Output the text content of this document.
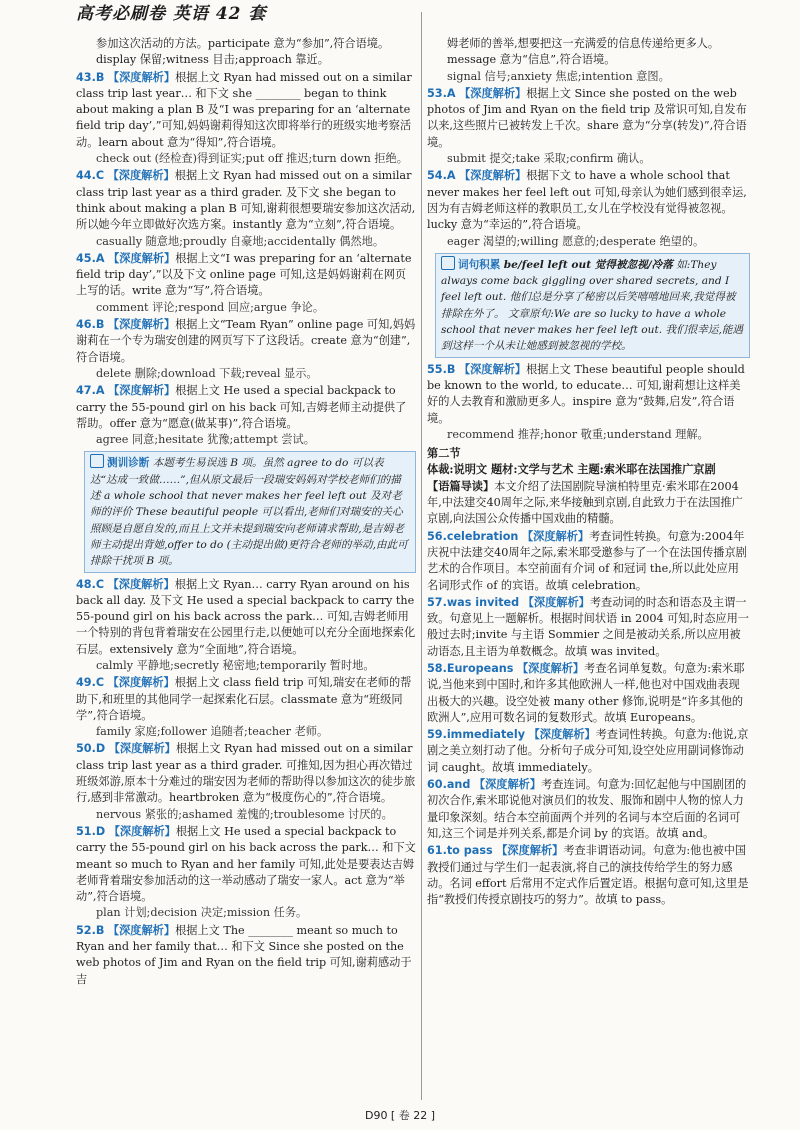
高考必刷卷 英语 42 套

参加这次活动的方法。participate 意为“参加”,符合语境。

display 保留;witness 目击;approach 靠近。

43.B 【深度解析】根据上文 Ryan had missed out on a similar class trip last year… 和下文 she ________ began to think about making a plan B 及“I was preparing for an ‘alternate field trip day’,”可知,妈妈谢莉得知这次即将举行的班级实地考察活动。learn about 意为“得知”,符合语境。

check out (经检查)得到证实;put off 推迟;turn down 拒绝。

44.C 【深度解析】根据上文 Ryan had missed out on a similar class trip last year as a third grader. 及下文 she began to think about making a plan B 可知,谢莉很想要瑞安参加这次活动,所以她今年立即做好次选方案。instantly 意为“立刻”,符合语境。

casually 随意地;proudly 自豪地;accidentally 偶然地。

45.A 【深度解析】根据上文“I was preparing for an ‘alternate field trip day’,”以及下文 online page 可知,这是妈妈谢莉在网页上写的话。write 意为“写”,符合语境。

comment 评论;respond 回应;argue 争论。

46.B 【深度解析】根据上文“Team Ryan” online page 可知,妈妈谢莉在一个专为瑞安创建的网页写下了这段话。create 意为“创建”,符合语境。

delete 删除;download 下载;reveal 显示。

47.A 【深度解析】根据上文 He used a special backpack to carry the 55-pound girl on his back 可知,吉姆老师主动提供了帮助。offer 意为“愿意(做某事)”,符合语境。

agree 同意;hesitate 犹豫;attempt 尝试。

测训诊断 本题考生易误选 B 项。虽然 agree to do 可以表达“达成一致做……”,但从原文最后一段瑞安妈妈对学校老师们的描述 a whole school that never makes her feel left out 及对老师的评价 These beautiful people 可以看出,老师们对瑞安的关心照顾是自愿自发的,而且上文并未提到瑞安向老师请求帮助,是吉姆老师主动提出背她,offer to do (主动提出做)更符合老师的举动,由此可排除干扰项 B 项。

48.C 【深度解析】根据上文 Ryan… carry Ryan around on his back all day. 及下文 He used a special backpack to carry the 55-pound girl on his back across the park… 可知,吉姆老师用一个特别的背包背着瑞安在公园里行走,以便她可以充分全面地探索化石层。extensively 意为“全面地”,符合语境。

calmly 平静地;secretly 秘密地;temporarily 暂时地。

49.C 【深度解析】根据上文 class field trip 可知,瑞安在老师的帮助下,和班里的其他同学一起探索化石层。classmate 意为“班级同学”,符合语境。

family 家庭;follower 追随者;teacher 老师。

50.D 【深度解析】根据上文 Ryan had missed out on a similar class trip last year as a third grader. 可推知,因为担心再次错过班级郊游,原本十分难过的瑞安因为老师的帮助得以参加这次的徒步旅行,感到非常激动。heartbroken 意为“极度伤心的”,符合语境。

nervous 紧张的;ashamed 羞愧的;troublesome 讨厌的。

51.D 【深度解析】根据上文 He used a special backpack to carry the 55-pound girl on his back across the park… 和下文 meant so much to Ryan and her family 可知,此处是要表达吉姆老师背着瑞安参加活动的这一举动感动了瑞安一家人。act 意为“举动”,符合语境。

plan 计划;decision 决定;mission 任务。

52.B 【深度解析】根据上文 The ________ meant so much to Ryan and her family that… 和下文 Since she posted on the web photos of Jim and Ryan on the field trip 可知,谢莉感动于吉

姆老师的善举,想要把这一充满爱的信息传递给更多人。message 意为“信息”,符合语境。

signal 信号;anxiety 焦虑;intention 意图。

53.A 【深度解析】根据上文 Since she posted on the web photos of Jim and Ryan on the field trip 及常识可知,自发布以来,这些照片已被转发上千次。share 意为“分享(转发)”,符合语境。

submit 提交;take 采取;confirm 确认。

54.A 【深度解析】根据下文 to have a whole school that never makes her feel left out 可知,母亲认为她们感到很幸运,因为有吉姆老师这样的教职员工,女儿在学校没有觉得被忽视。lucky 意为“幸运的”,符合语境。

eager 渴望的;willing 愿意的;desperate 绝望的。

词句积累 be/feel left out 觉得被忽视/冷落 如:They always come back giggling over shared secrets, and I feel left out. 他们总是分享了秘密以后笑嘻嘻地回来,我觉得被排除在外了。 文章原句:We are so lucky to have a whole school that never makes her feel left out. 我们很幸运,能遇到这样一个从未让她感到被忽视的学校。

55.B 【深度解析】根据上文 These beautiful people should be known to the world, to educate… 可知,谢莉想让这样美好的人去教育和激励更多人。inspire 意为“鼓舞,启发”,符合语境。

recommend 推荐;honor 敬重;understand 理解。

第二节

体裁:说明文 题材:文学与艺术 主题:索米耶在法国推广京剧

【语篇导读】本文介绍了法国剧院导演柏特里克·索米耶在2004年,中法建交40周年之际,来华接触到京剧,自此致力于在法国推广京剧,向法国公众传播中国戏曲的精髓。

56.celebration 【深度解析】考查词性转换。句意为:2004年庆祝中法建交40周年之际,索米耶受邀参与了一个在法国传播京剧艺术的合作项目。本空前面有介词 of 和冠词 the,所以此处应用名词形式作 of 的宾语。故填 celebration。

57.was invited 【深度解析】考查动词的时态和语态及主谓一致。句意见上一题解析。根据时间状语 in 2004 可知,时态应用一般过去时;invite 与主语 Sommier 之间是被动关系,所以应用被动语态,且主语为单数概念。故填 was invited。

58.Europeans 【深度解析】考查名词单复数。句意为:索米耶说,当他来到中国时,和许多其他欧洲人一样,他也对中国戏曲表现出极大的兴趣。设空处被 many other 修饰,说明是“许多其他的欧洲人”,应用可数名词的复数形式。故填 Europeans。

59.immediately 【深度解析】考查词性转换。句意为:他说,京剧之美立刻打动了他。分析句子成分可知,设空处应用副词修饰动词 caught。故填 immediately。

60.and 【深度解析】考查连词。句意为:回忆起他与中国剧团的初次合作,索米耶说他对演员们的妆发、服饰和剧中人物的惊人力量印象深刻。结合本空前面两个并列的名词与本空后面的名词可知,这三个词是并列关系,都是介词 by 的宾语。故填 and。

61.to pass 【深度解析】考查非谓语动词。句意为:他也被中国教授们通过与学生们一起表演,将自己的演技传给学生的努力感动。名词 effort 后常用不定式作后置定语。根据句意可知,这里是指“教授们传授京剧技巧的努力”。故填 to pass。

D90 [ 卷 22 ]
